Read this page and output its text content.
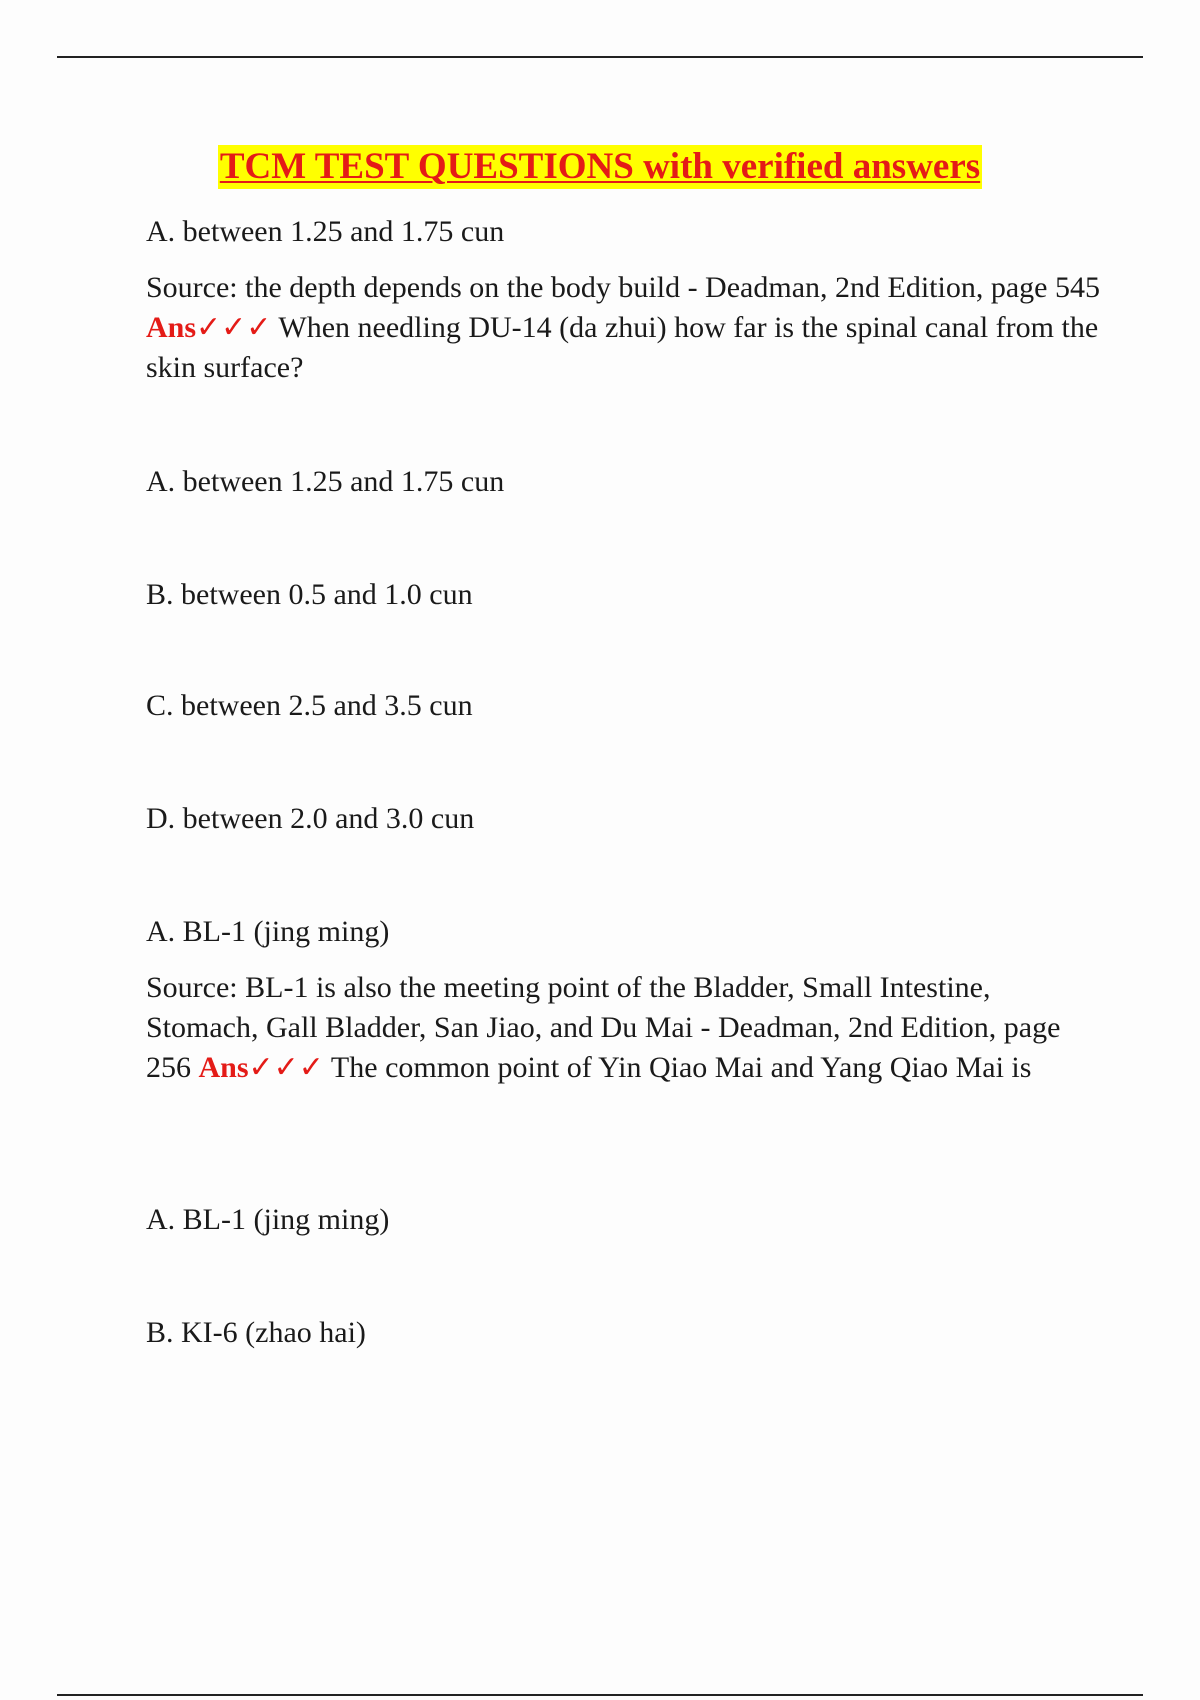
TCM TEST QUESTIONS with verified answers
A. between 1.25 and 1.75 cun
Source: the depth depends on the body build - Deadman, 2nd Edition, page 545 Ans✓✓✓ When needling DU-14 (da zhui) how far is the spinal canal from the skin surface?
A. between 1.25 and 1.75 cun
B. between 0.5 and 1.0 cun
C. between 2.5 and 3.5 cun
D. between 2.0 and 3.0 cun
A. BL-1 (jing ming)
Source: BL-1 is also the meeting point of the Bladder, Small Intestine, Stomach, Gall Bladder, San Jiao, and Du Mai - Deadman, 2nd Edition, page 256 Ans✓✓✓ The common point of Yin Qiao Mai and Yang Qiao Mai is
A. BL-1 (jing ming)
B. KI-6 (zhao hai)
